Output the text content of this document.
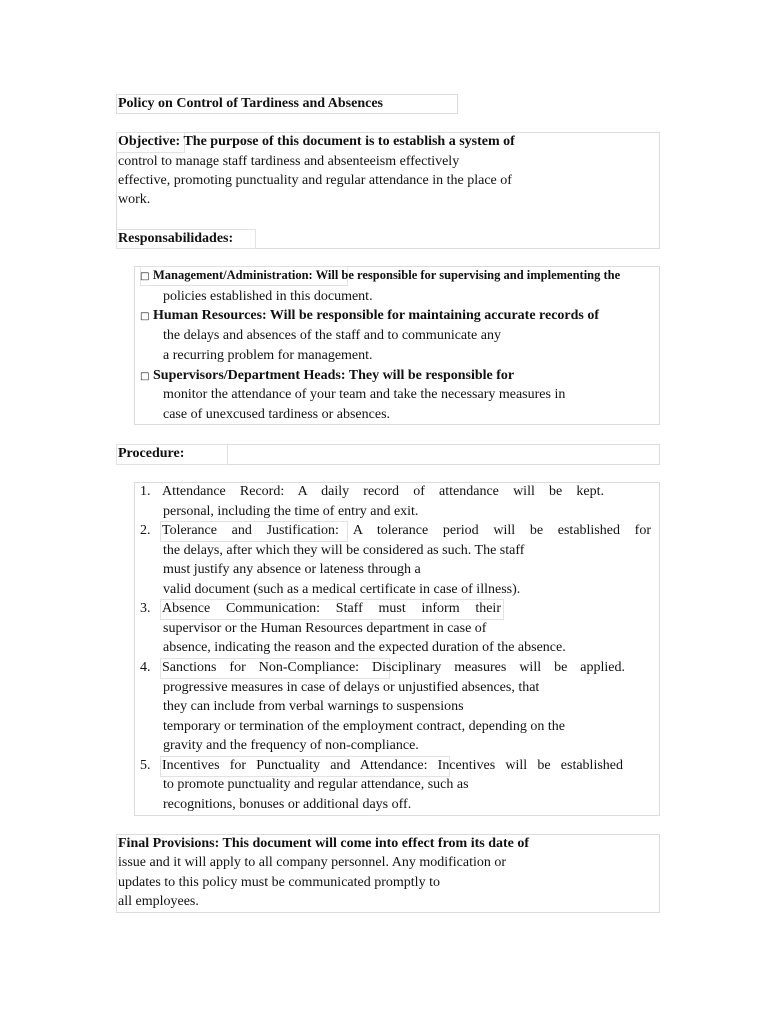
Policy on Control of Tardiness and Absences
Objective: The purpose of this document is to establish a system of
control to manage staff tardiness and absenteeism effectively
effective, promoting punctuality and regular attendance in the place of
work.
Responsabilidades:
□ Management/Administration: Will be responsible for supervising and implementing the
policies established in this document.
□ Human Resources: Will be responsible for maintaining accurate records of
the delays and absences of the staff and to communicate any
a recurring problem for management.
□ Supervisors/Department Heads: They will be responsible for
monitor the attendance of your team and take the necessary measures in
case of unexcused tardiness or absences.
Procedure:
1. Attendance Record: A daily record of attendance will be kept.
personal, including the time of entry and exit.
2. Tolerance and Justification: A tolerance period will be established for
the delays, after which they will be considered as such. The staff
must justify any absence or lateness through a
valid document (such as a medical certificate in case of illness).
3. Absence Communication: Staff must inform their
supervisor or the Human Resources department in case of
absence, indicating the reason and the expected duration of the absence.
4. Sanctions for Non-Compliance: Disciplinary measures will be applied.
progressive measures in case of delays or unjustified absences, that
they can include from verbal warnings to suspensions
temporary or termination of the employment contract, depending on the
gravity and the frequency of non-compliance.
5. Incentives for Punctuality and Attendance: Incentives will be established
to promote punctuality and regular attendance, such as
recognitions, bonuses or additional days off.
Final Provisions: This document will come into effect from its date of
issue and it will apply to all company personnel. Any modification or
updates to this policy must be communicated promptly to
all employees.
